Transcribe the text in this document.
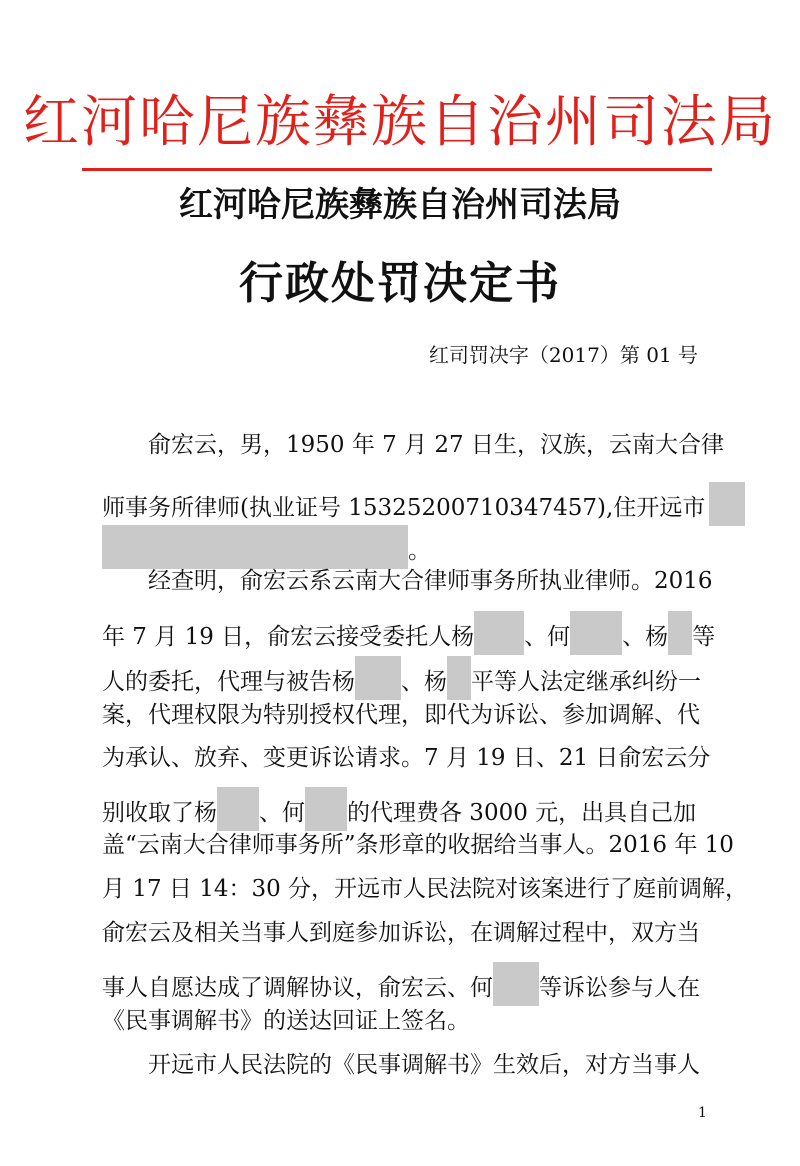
红河哈尼族彝族自治州司法局
红河哈尼族彝族自治州司法局
行政处罚决定书
红司罚决字（2017）第 01 号
俞宏云，男，1950 年 7 月 27 日生，汉族，云南大合律
师事务所律师(执业证号 15325200710347457),住开远市
。
经查明，俞宏云系云南大合律师事务所执业律师。2016
年 7 月 19 日，俞宏云接受委托人杨 、何 、杨 等
人的委托，代理与被告杨 、杨 平等人法定继承纠纷一
案，代理权限为特别授权代理，即代为诉讼、参加调解、代
为承认、放弃、变更诉讼请求。7 月 19 日、21 日俞宏云分
别收取了杨 、何 的代理费各 3000 元，出具自己加
盖“云南大合律师事务所”条形章的收据给当事人。2016 年 10
月 17 日 14：30 分，开远市人民法院对该案进行了庭前调解，
俞宏云及相关当事人到庭参加诉讼，在调解过程中，双方当
事人自愿达成了调解协议，俞宏云、何 等诉讼参与人在
《民事调解书》的送达回证上签名。
开远市人民法院的《民事调解书》生效后，对方当事人
1
